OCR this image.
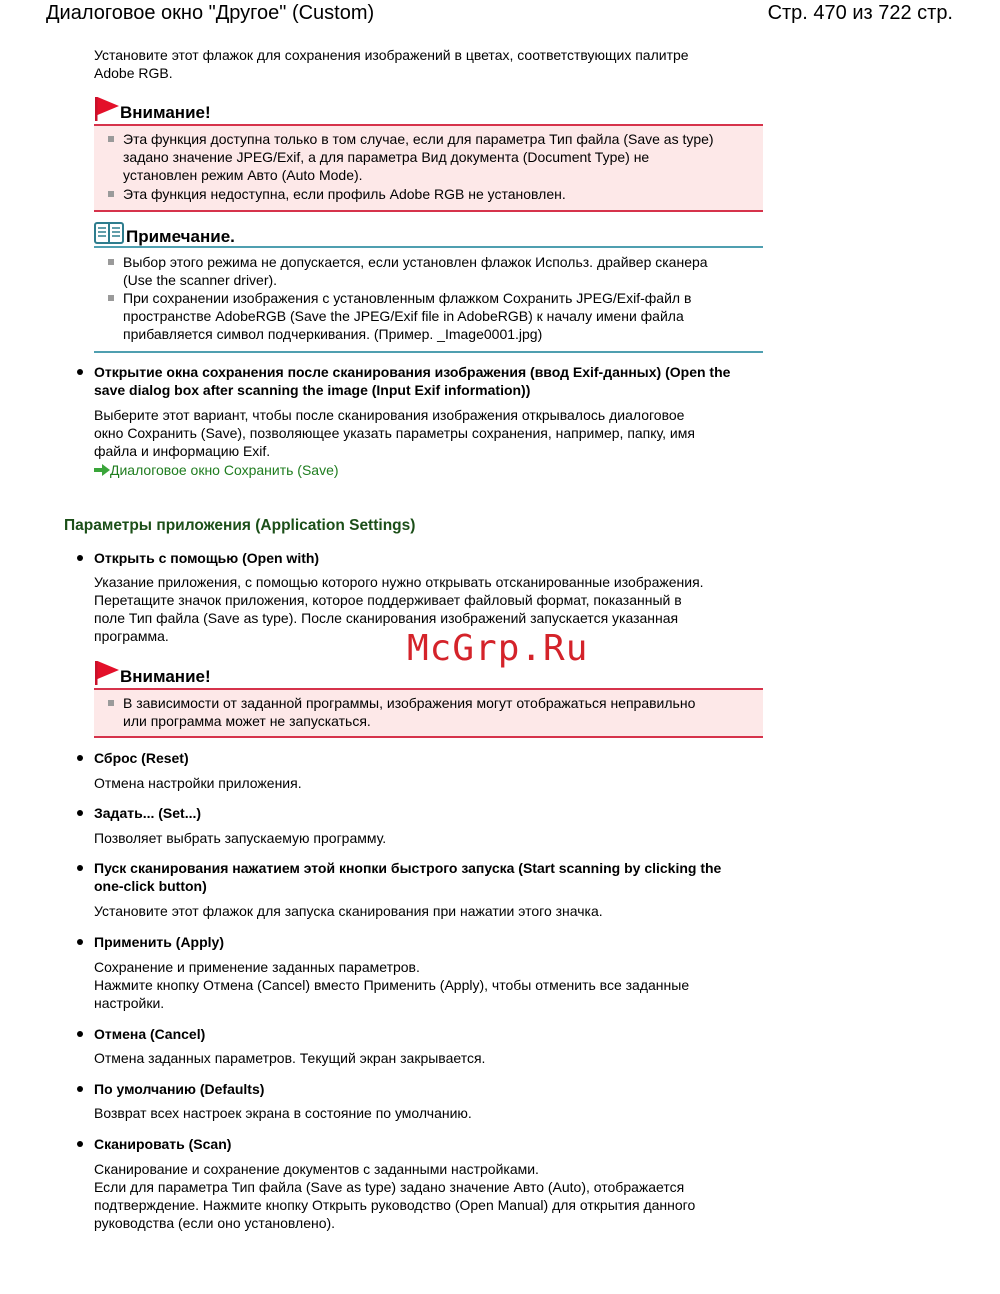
Диалоговое окно "Другое" (Custom)	Стр. 470 из 722 стр.
Установите этот флажок для сохранения изображений в цветах, соответствующих палитре
Adobe RGB.
Внимание!
Эта функция доступна только в том случае, если для параметра Тип файла (Save as type)
задано значение JPEG/Exif, а для параметра Вид документа (Document Type) не
установлен режим Авто (Auto Mode).
Эта функция недоступна, если профиль Adobe RGB не установлен.
Примечание.
Выбор этого режима не допускается, если установлен флажок Использ. драйвер сканера
(Use the scanner driver).
При сохранении изображения с установленным флажком Сохранить JPEG/Exif-файл в
пространстве AdobeRGB (Save the JPEG/Exif file in AdobeRGB) к началу имени файла
прибавляется символ подчеркивания. (Пример. _Image0001.jpg)
Открытие окна сохранения после сканирования изображения (ввод Exif-данных) (Open the
save dialog box after scanning the image (Input Exif information))
Выберите этот вариант, чтобы после сканирования изображения открывалось диалоговое
окно Сохранить (Save), позволяющее указать параметры сохранения, например, папку, имя
файла и информацию Exif.
Диалоговое окно Сохранить (Save)
Параметры приложения (Application Settings)
Открыть с помощью (Open with)
Указание приложения, с помощью которого нужно открывать отсканированные изображения.
Перетащите значок приложения, которое поддерживает файловый формат, показанный в
поле Тип файла (Save as type). После сканирования изображений запускается указанная
программа.
Внимание!
В зависимости от заданной программы, изображения могут отображаться неправильно
или программа может не запускаться.
Сброс (Reset)
Отмена настройки приложения.
Задать... (Set...)
Позволяет выбрать запускаемую программу.
Пуск сканирования нажатием этой кнопки быстрого запуска (Start scanning by clicking the
one-click button)
Установите этот флажок для запуска сканирования при нажатии этого значка.
Применить (Apply)
Сохранение и применение заданных параметров.
Нажмите кнопку Отмена (Cancel) вместо Применить (Apply), чтобы отменить все заданные
настройки.
Отмена (Cancel)
Отмена заданных параметров. Текущий экран закрывается.
По умолчанию (Defaults)
Возврат всех настроек экрана в состояние по умолчанию.
Сканировать (Scan)
Сканирование и сохранение документов с заданными настройками.
Если для параметра Тип файла (Save as type) задано значение Авто (Auto), отображается
подтверждение. Нажмите кнопку Открыть руководство (Open Manual) для открытия данного
руководства (если оно установлено).
McGrp.Ru
